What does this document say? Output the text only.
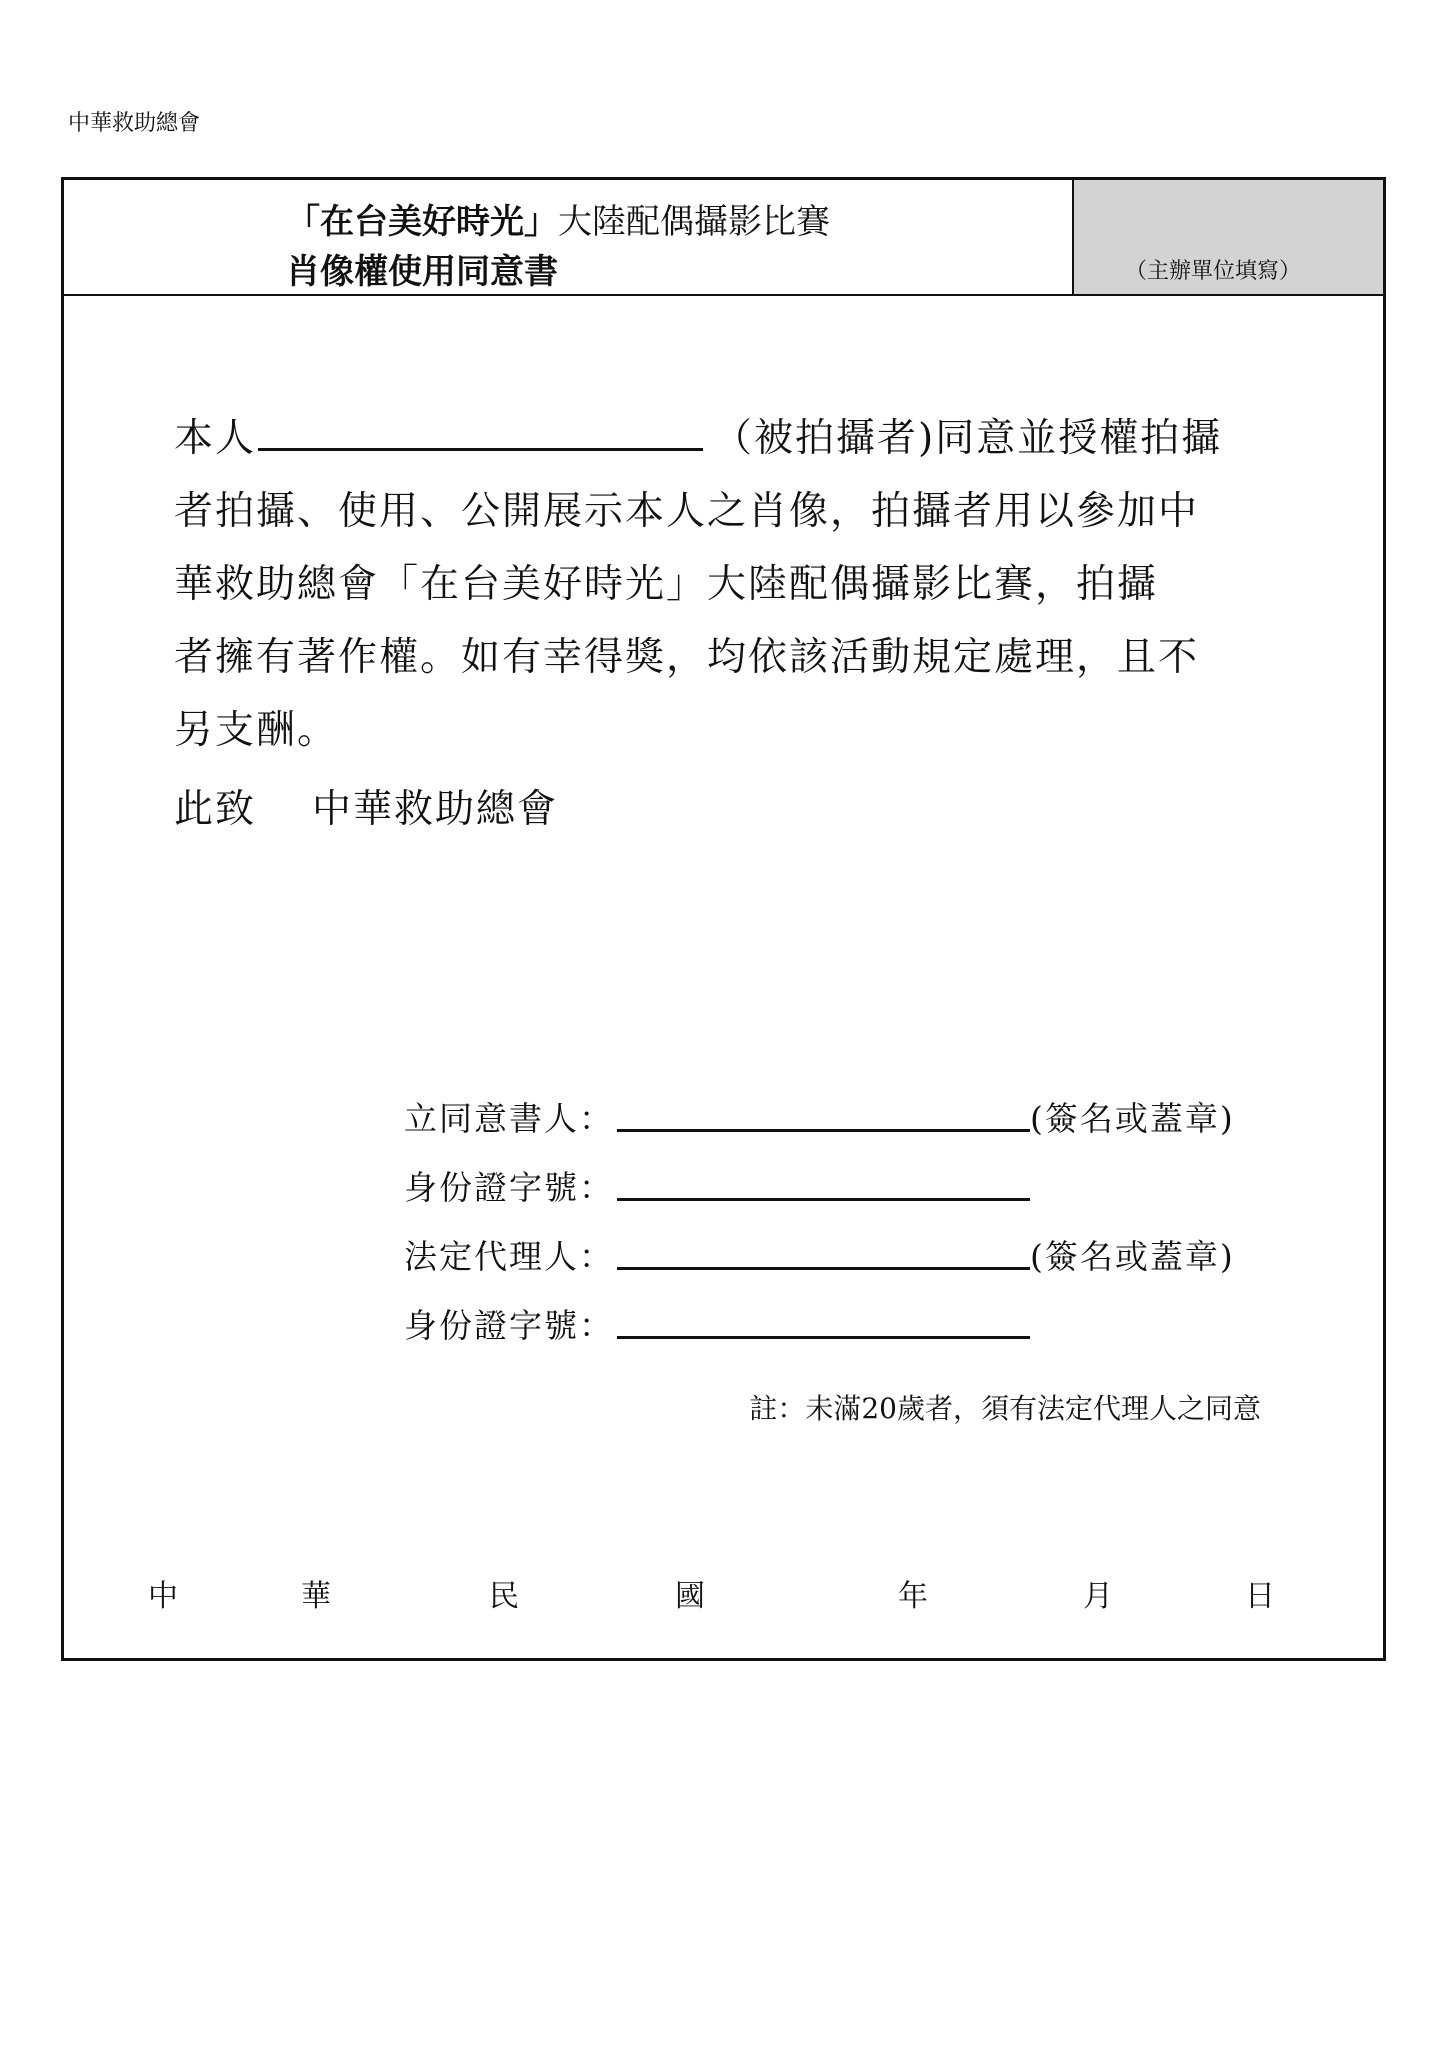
中華救助總會
「在台美好時光」大陸配偶攝影比賽
肖像權使用同意書	（主辦單位填寫）
本人	（被拍攝者)同意並授權拍攝
者拍攝、使用、公開展示本人之肖像，拍攝者用以參加中
華救助總會「在台美好時光」大陸配偶攝影比賽，拍攝
者擁有著作權。如有幸得獎，均依該活動規定處理，且不
另支酬。
此致 中華救助總會
立同意書人：	(簽名或蓋章)
身份證字號：
法定代理人：	(簽名或蓋章)
身份證字號：
註：未滿20歲者，須有法定代理人之同意
中	華	民	國	年	月	日
